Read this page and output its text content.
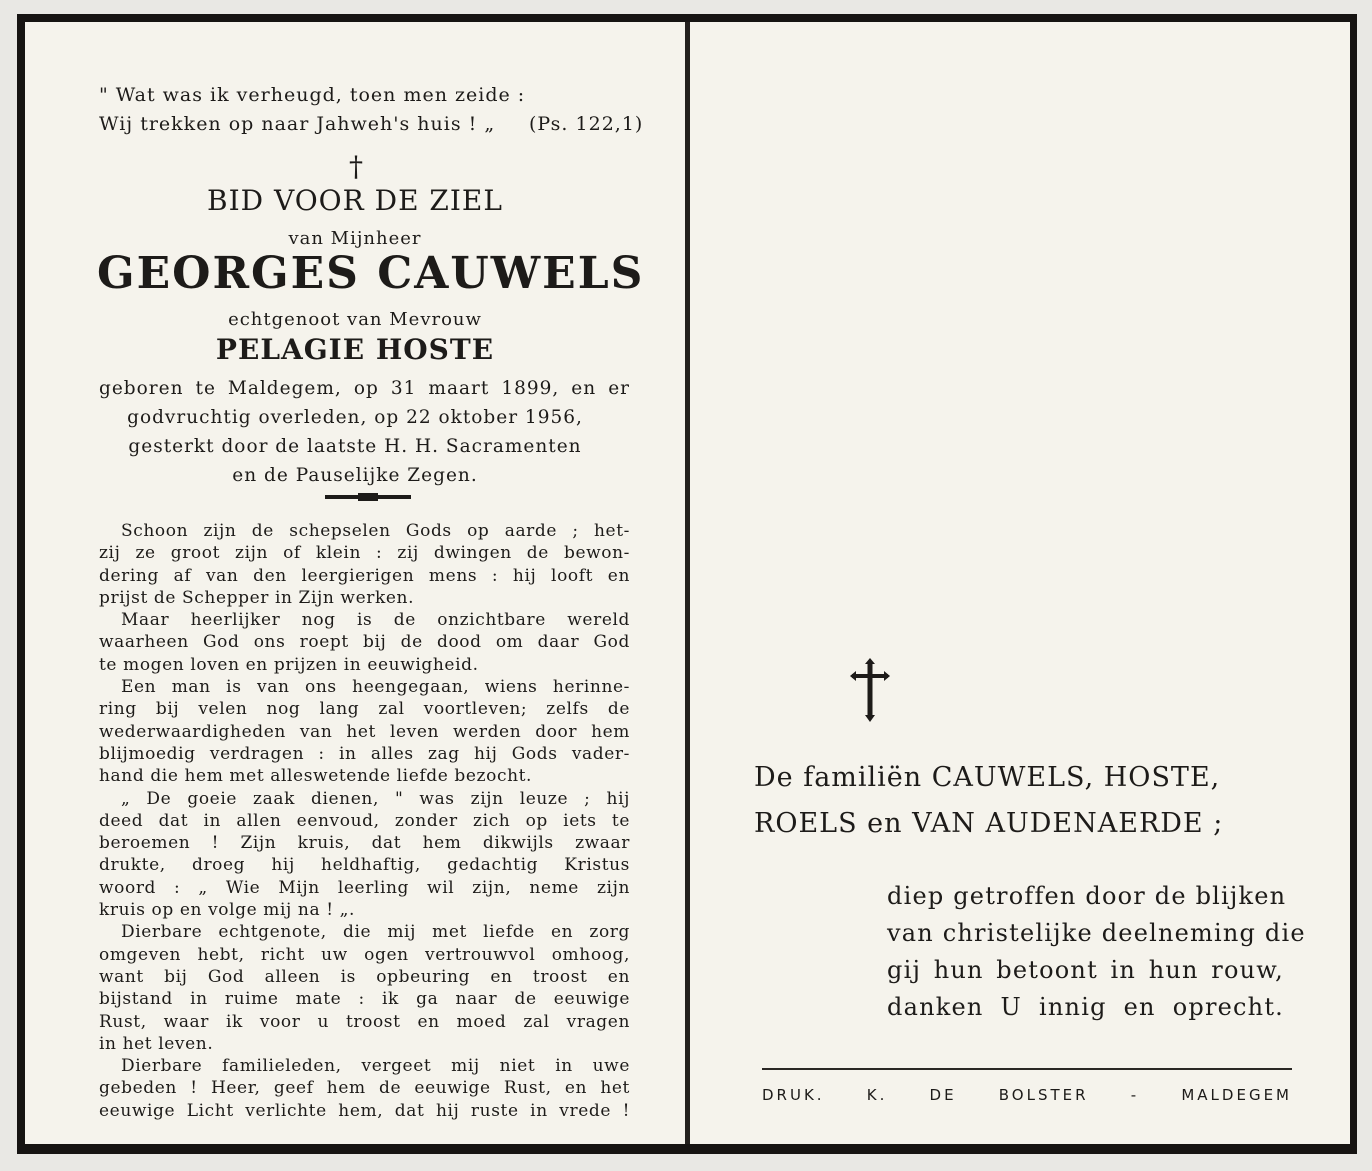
" Wat was ik verheugd, toen men zeide :
Wij trekken op naar Jahweh's huis ! „ (Ps. 122,1)
†
BID VOOR DE ZIEL
van Mijnheer
GEORGES CAUWELS
echtgenoot van Mevrouw
PELAGIE HOSTE
geboren te Maldegem, op 31 maart 1899, en er
godvruchtig overleden, op 22 oktober 1956,
gesterkt door de laatste H. H. Sacramenten
en de Pauselijke Zegen.

Schoon zijn de schepselen Gods op aarde ; het-
zij ze groot zijn of klein : zij dwingen de bewon-
dering af van den leergierigen mens : hij looft en
prijst de Schepper in Zijn werken.

Maar heerlijker nog is de onzichtbare wereld
waarheen God ons roept bij de dood om daar God
te mogen loven en prijzen in eeuwigheid.

Een man is van ons heengegaan, wiens herinne-
ring bij velen nog lang zal voortleven; zelfs de
wederwaardigheden van het leven werden door hem
blijmoedig verdragen : in alles zag hij Gods vader-
hand die hem met alleswetende liefde bezocht.

„ De goeie zaak dienen, " was zijn leuze ; hij
deed dat in allen eenvoud, zonder zich op iets te
beroemen ! Zijn kruis, dat hem dikwijls zwaar
drukte, droeg hij heldhaftig, gedachtig Kristus
woord : „ Wie Mijn leerling wil zijn, neme zijn
kruis op en volge mij na ! „.

Dierbare echtgenote, die mij met liefde en zorg
omgeven hebt, richt uw ogen vertrouwvol omhoog,
want bij God alleen is opbeuring en troost en
bijstand in ruime mate : ik ga naar de eeuwige
Rust, waar ik voor u troost en moed zal vragen
in het leven.

Dierbare familieleden, vergeet mij niet in uwe
gebeden ! Heer, geef hem de eeuwige Rust, en het
eeuwige Licht verlichte hem, dat hij ruste in vrede !

De familiën CAUWELS, HOSTE,
ROELS en VAN AUDENAERDE ;
diep getroffen door de blijken
van christelijke deelneming die
gij hun betoont in hun rouw,
danken U innig en oprecht.
DRUK. K. DE BOLSTER - MALDEGEM
